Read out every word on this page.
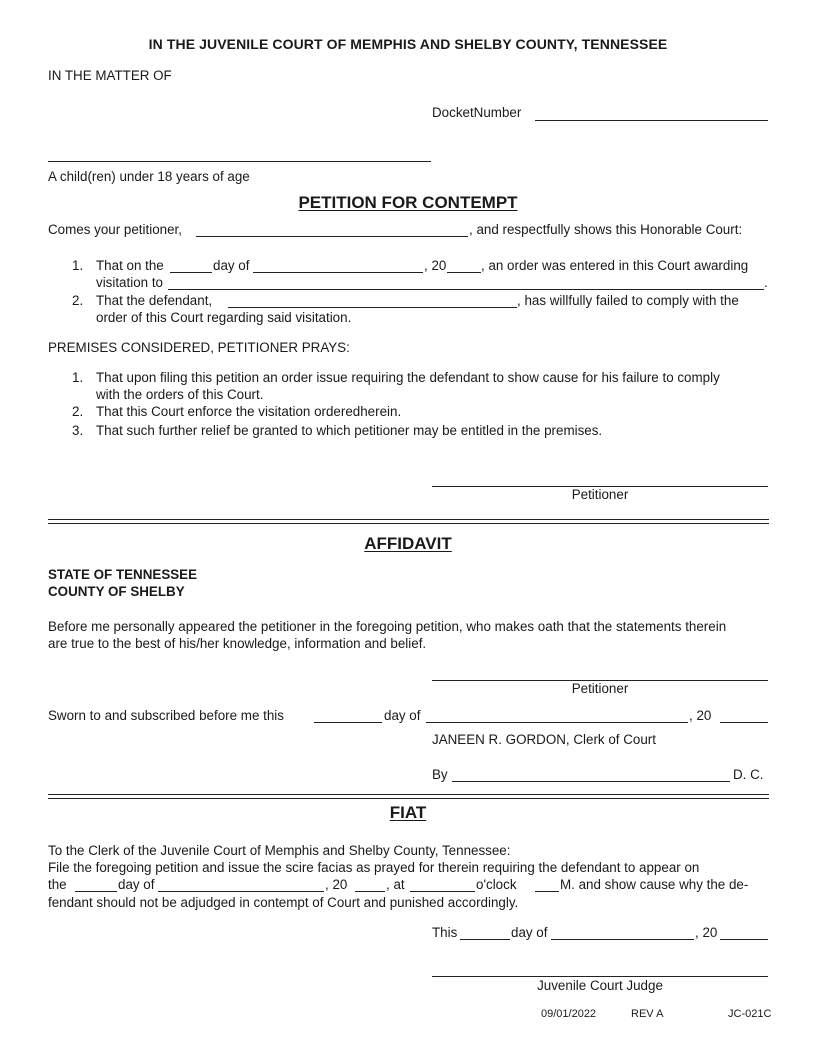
IN THE JUVENILE COURT OF MEMPHIS AND SHELBY COUNTY, TENNESSEE
IN THE MATTER OF
DocketNumber
A child(ren) under 18 years of age
PETITION FOR CONTEMPT
Comes your petitioner,	, and respectfully shows this Honorable Court:
1. That on the	day of	, 20	, an order was entered in this Court awarding
visitation to	.
2. That the defendant,	, has willfully failed to comply with the
order of this Court regarding said visitation.
PREMISES CONSIDERED, PETITIONER PRAYS:
1. That upon filing this petition an order issue requiring the defendant to show cause for his failure to comply
with the orders of this Court.
2. That this Court enforce the visitation orderedherein.
3. That such further relief be granted to which petitioner may be entitled in the premises.
Petitioner
AFFIDAVIT
STATE OF TENNESSEE
COUNTY OF SHELBY
Before me personally appeared the petitioner in the foregoing petition, who makes oath that the statements therein
are true to the best of his/her knowledge, information and belief.
Petitioner
Sworn to and subscribed before me this	day of	, 20
JANEEN R. GORDON, Clerk of Court
By	D. C.
FIAT
To the Clerk of the Juvenile Court of Memphis and Shelby County, Tennessee:
File the foregoing petition and issue the scire facias as prayed for therein requiring the defendant to appear on
the	day of	, 20	, at	o'clock	M. and show cause why the de-
fendant should not be adjudged in contempt of Court and punished accordingly.
This	day of	, 20
Juvenile Court Judge
09/01/2022	REV A	JC-021C
